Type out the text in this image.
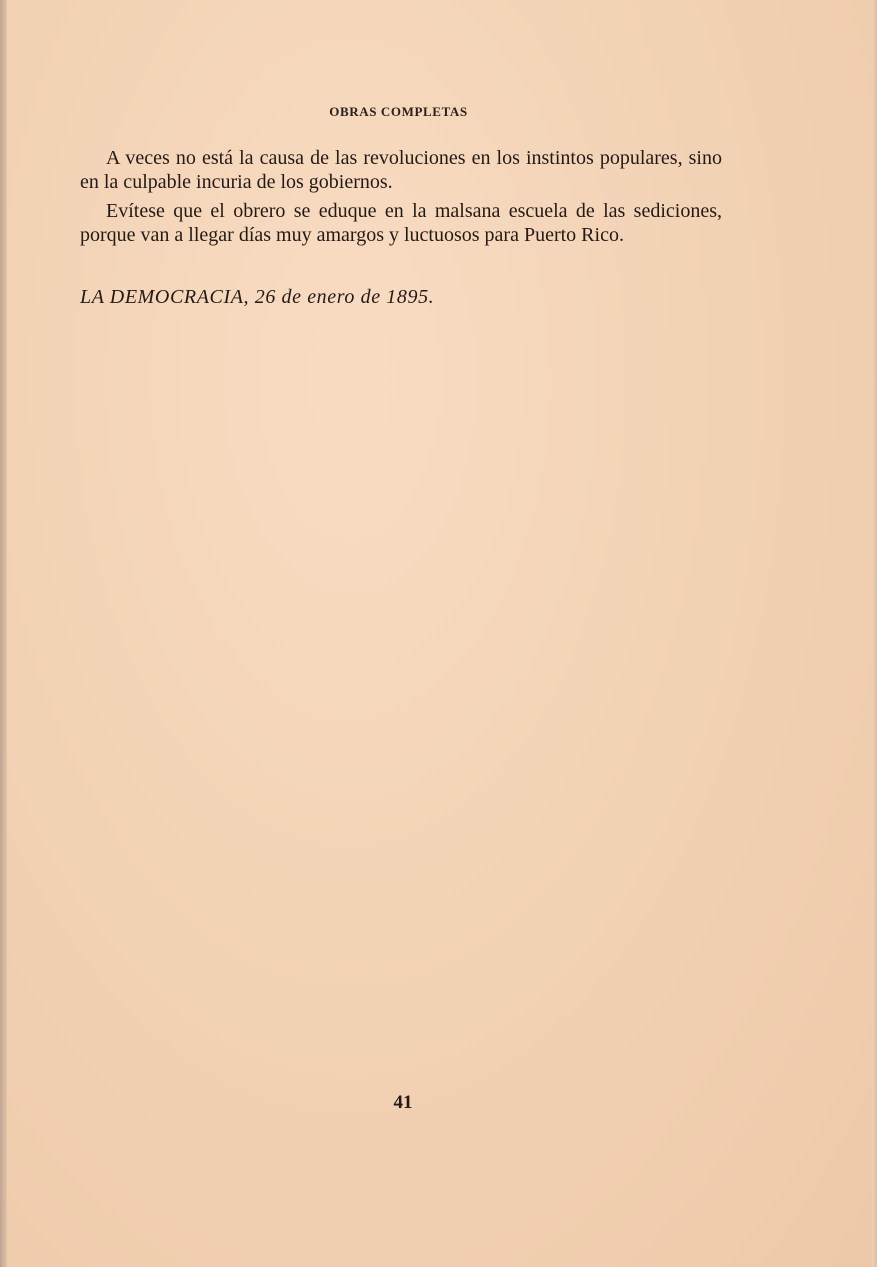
OBRAS COMPLETAS

A veces no está la causa de las revoluciones en los instintos populares, sino en la culpable incuria de los gobiernos.

Evítese que el obrero se eduque en la malsana escuela de las sediciones, porque van a llegar días muy amargos y luctuosos para Puerto Rico.

LA DEMOCRACIA, 26 de enero de 1895.
41
